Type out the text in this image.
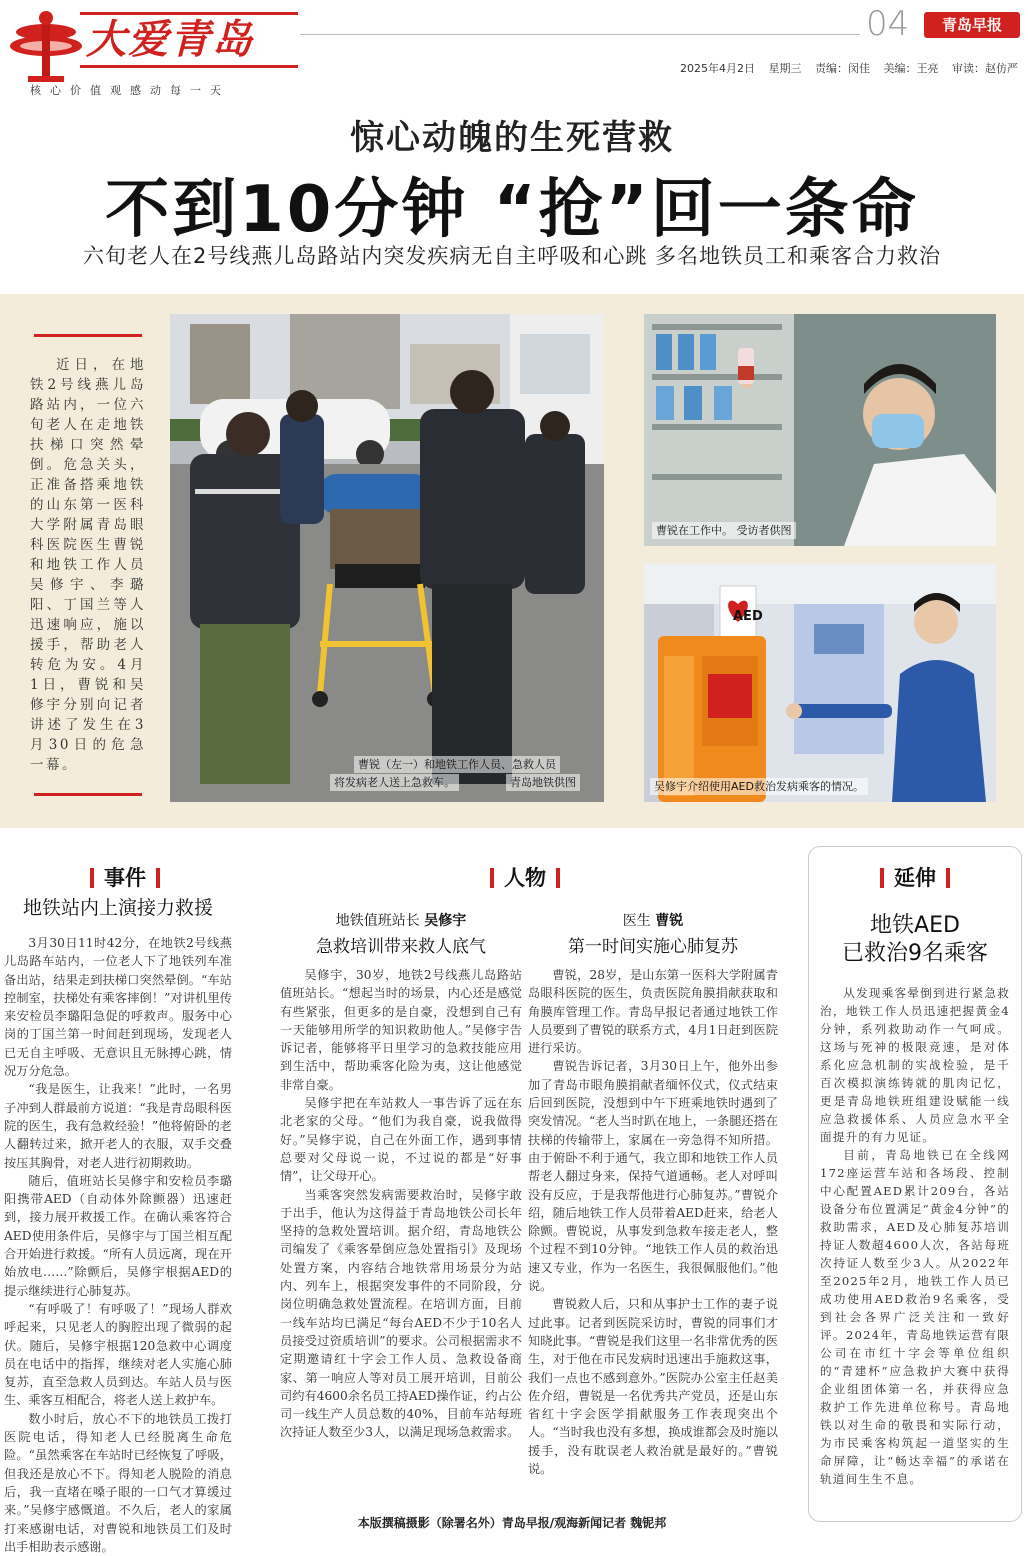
大爱青岛
核心价值观感动每一天
04	青岛早报
2025年4月2日 星期三 责编：闵佳 美编：王亮 审读：赵仿严
惊心动魄的生死营救
不到10分钟 “抢”回一条命
六旬老人在2号线燕儿岛路站内突发疾病无自主呼吸和心跳 多名地铁员工和乘客合力救治

近日，在地铁2号线燕儿岛路站内，一位六旬老人在走地铁扶梯口突然晕倒。危急关头，正准备搭乘地铁的山东第一医科大学附属青岛眼科医院医生曹锐和地铁工作人员吴修宇、李璐阳、丁国兰等人迅速响应，施以援手，帮助老人转危为安。4月1日，曹锐和吴修宇分别向记者讲述了发生在3月30日的危急一幕。	曹锐（左一）和地铁工作人员、急救人员
将发病老人送上急救车。	青岛地铁供图
曹锐在工作中。 受访者供图
AED
吴修宇介绍使用AED救治发病乘客的情况。
事件
地铁站内上演接力救援

3月30日11时42分，在地铁2号线燕儿岛路车站内，一位老人下了地铁列车准备出站，结果走到扶梯口突然晕倒。“车站控制室，扶梯处有乘客摔倒！”对讲机里传来安检员李璐阳急促的呼救声。服务中心岗的丁国兰第一时间赶到现场，发现老人已无自主呼吸、无意识且无脉搏心跳，情况万分危急。

“我是医生，让我来！”此时，一名男子冲到人群最前方说道：“我是青岛眼科医院的医生，我有急救经验！”他将俯卧的老人翻转过来，掀开老人的衣服，双手交叠按压其胸骨，对老人进行初期救助。

随后，值班站长吴修宇和安检员李璐阳携带AED（自动体外除颤器）迅速赶到，接力展开救援工作。在确认乘客符合AED使用条件后，吴修宇与丁国兰相互配合开始进行救援。“所有人员远离，现在开始放电……”除颤后，吴修宇根据AED的提示继续进行心肺复苏。

“有呼吸了！有呼吸了！”现场人群欢呼起来，只见老人的胸腔出现了微弱的起伏。随后，吴修宇根据120急救中心调度员在电话中的指挥，继续对老人实施心肺复苏，直至急救人员到达。车站人员与医生、乘客互相配合，将老人送上救护车。

数小时后，放心不下的地铁员工拨打医院电话，得知老人已经脱离生命危险。“虽然乘客在车站时已经恢复了呼吸，但我还是放心不下。得知老人脱险的消息后，我一直堵在嗓子眼的一口气才算缓过来。”吴修宇感慨道。不久后，老人的家属打来感谢电话，对曹锐和地铁员工们及时出手相助表示感谢。

人物
地铁值班站长 吴修宇
急救培训带来救人底气

吴修宇，30岁，地铁2号线燕儿岛路站值班站长。“想起当时的场景，内心还是感觉有些紧张，但更多的是自豪，没想到自己有一天能够用所学的知识救助他人。”吴修宇告诉记者，能够将平日里学习的急救技能应用到生活中，帮助乘客化险为夷，这让他感觉非常自豪。

吴修宇把在车站救人一事告诉了远在东北老家的父母。“他们为我自豪，说我做得好。”吴修宇说，自己在外面工作，遇到事情总要对父母说一说，不过说的都是“好事情”，让父母开心。

当乘客突然发病需要救治时，吴修宇敢于出手，他认为这得益于青岛地铁公司长年坚持的急救处置培训。据介绍，青岛地铁公司编发了《乘客晕倒应急处置指引》及现场处置方案，内容结合地铁常用场景分为站内、列车上，根据突发事件的不同阶段，分岗位明确急救处置流程。在培训方面，目前一线车站均已满足“每台AED不少于10名人员接受过资质培训”的要求。公司根据需求不定期邀请红十字会工作人员、急救设备商家、第一响应人等对员工展开培训，目前公司约有4600余名员工持AED操作证，约占公司一线生产人员总数的40%，目前车站每班次持证人数至少3人，以满足现场急救需求。

医生 曹锐
第一时间实施心肺复苏

曹锐，28岁，是山东第一医科大学附属青岛眼科医院的医生，负责医院角膜捐献获取和角膜库管理工作。青岛早报记者通过地铁工作人员要到了曹锐的联系方式，4月1日赶到医院进行采访。

曹锐告诉记者，3月30日上午，他外出参加了青岛市眼角膜捐献者缅怀仪式，仪式结束后回到医院，没想到中午下班乘地铁时遇到了突发情况。“老人当时趴在地上，一条腿还搭在扶梯的传输带上，家属在一旁急得不知所措。由于俯卧不利于通气，我立即和地铁工作人员帮老人翻过身来，保持气道通畅。老人对呼叫没有反应，于是我帮他进行心肺复苏。”曹锐介绍，随后地铁工作人员带着AED赶来，给老人除颤。曹锐说，从事发到急救车接走老人，整个过程不到10分钟。“地铁工作人员的救治迅速又专业，作为一名医生，我很佩服他们。”他说。

曹锐救人后，只和从事护士工作的妻子说过此事。记者到医院采访时，曹锐的同事们才知晓此事。“曹锐是我们这里一名非常优秀的医生，对于他在市民发病时迅速出手施救这事，我们一点也不感到意外。”医院办公室主任赵美佐介绍，曹锐是一名优秀共产党员，还是山东省红十字会医学捐献服务工作表现突出个人。“当时我也没有多想，换成谁都会及时施以援手，没有耽误老人救治就是最好的。”曹锐说。

延伸
地铁AED
已救治9名乘客

从发现乘客晕倒到进行紧急救治，地铁工作人员迅速把握黄金4分钟，系列救助动作一气呵成。这场与死神的极限竞速，是对体系化应急机制的实战检验，是千百次模拟演练铸就的肌肉记忆，更是青岛地铁班组建设赋能一线应急救援体系、人员应急水平全面提升的有力见证。

目前，青岛地铁已在全线网172座运营车站和各场段、控制中心配置AED累计209台，各站设备分布位置满足“黄金4分钟”的救助需求，AED及心肺复苏培训持证人数超4600人次，各站每班次持证人数至少3人。从2022年至2025年2月，地铁工作人员已成功使用AED救治9名乘客，受到社会各界广泛关注和一致好评。2024年，青岛地铁运营有限公司在市红十字会等单位组织的“青建杯”应急救护大赛中获得企业组团体第一名，并获得应急救护工作先进单位称号。青岛地铁以对生命的敬畏和实际行动，为市民乘客构筑起一道坚实的生命屏障，让“畅达幸福”的承诺在轨道间生生不息。

本版撰稿摄影（除署名外）青岛早报/观海新闻记者 魏铌邦
